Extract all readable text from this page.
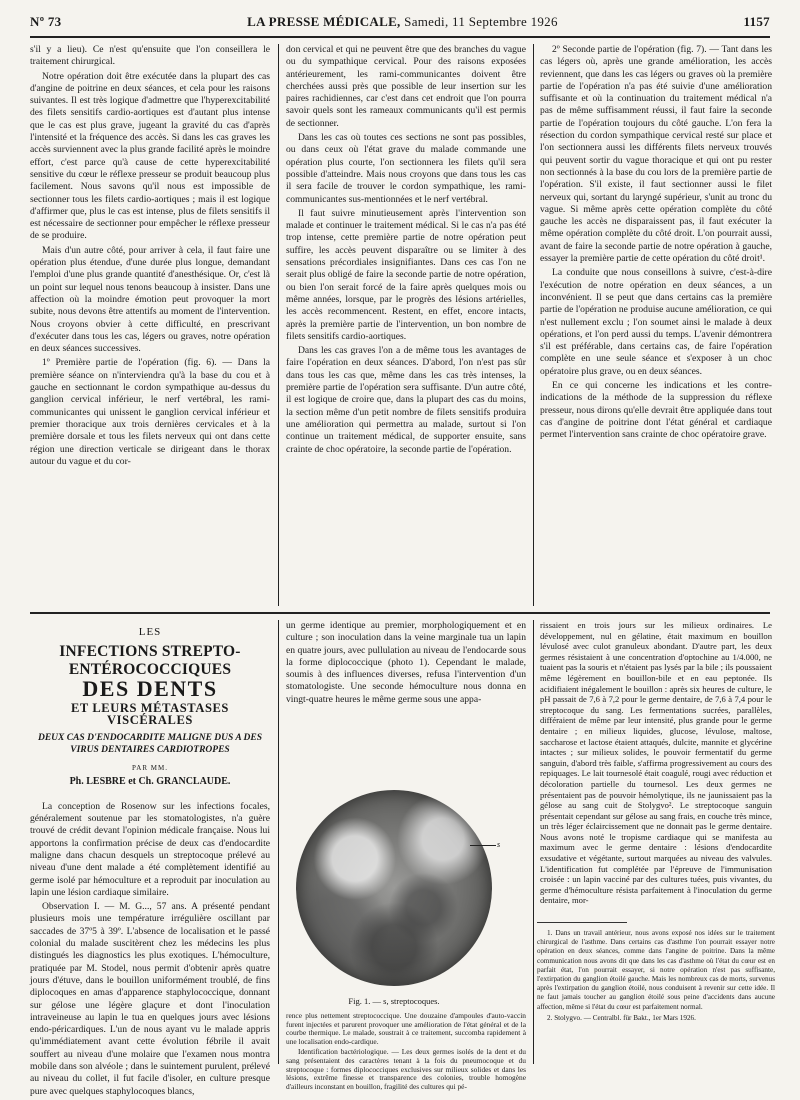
Nº 73	LA PRESSE MÉDICALE, Samedi, 11 Septembre 1926	1157

s'il y a lieu). Ce n'est qu'ensuite que l'on conseillera le traitement chirurgical.

Notre opération doit être exécutée dans la plupart des cas d'angine de poitrine en deux séances, et cela pour les raisons suivantes. Il est très logique d'admettre que l'hyperexcitabilité des filets sensitifs cardio-aortiques est d'autant plus intense que le cas est plus grave, jugeant la gravité du cas d'après l'intensité et la fréquence des accès. Si dans les cas graves les accès surviennent avec la plus grande facilité après le moindre effort, c'est parce qu'à cause de cette hyperexcitabilité sensitive du cœur le réflexe presseur se produit beaucoup plus facilement. Nous savons qu'il nous est impossible de sectionner tous les filets cardio-aortiques ; mais il est logique d'affirmer que, plus le cas est intense, plus de filets sensitifs il est nécessaire de sectionner pour empêcher le réflexe presseur de se produire.

Mais d'un autre côté, pour arriver à cela, il faut faire une opération plus étendue, d'une durée plus longue, demandant l'emploi d'une plus grande quantité d'anesthésique. Or, c'est là un point sur lequel nous tenons beaucoup à insister. Dans une affection où la moindre émotion peut provoquer la mort subite, nous devons être attentifs au moment de l'intervention. Nous croyons obvier à cette difficulté, en prescrivant d'exécuter dans tous les cas, légers ou graves, notre opération en deux séances successives.

1º Première partie de l'opération (fig. 6). — Dans la première séance on n'interviendra qu'à la base du cou et à gauche en sectionnant le cordon sympathique au-dessus du ganglion cervical inférieur, le nerf vertébral, les rami-communicantes qui unissent le ganglion cervical inférieur et premier thoracique aux trois dernières cervicales et à la première dorsale et tous les filets nerveux qui ont dans cette région une direction verticale se dirigeant dans le thorax autour du vague et du cor-

don cervical et qui ne peuvent être que des branches du vague ou du sympathique cervical. Pour des raisons exposées antérieurement, les rami-communicantes doivent être cherchées aussi près que possible de leur insertion sur les paires rachidiennes, car c'est dans cet endroit que l'on pourra savoir quels sont les rameaux communicants qu'il est permis de sectionner.

Dans les cas où toutes ces sections ne sont pas possibles, ou dans ceux où l'état grave du malade commande une opération plus courte, l'on sectionnera les filets qu'il sera possible d'atteindre. Mais nous croyons que dans tous les cas il sera facile de trouver le cordon sympathique, les rami-communicantes sus-mentionnées et le nerf vertébral.

Il faut suivre minutieusement après l'intervention son malade et continuer le traitement médical. Si le cas n'a pas été trop intense, cette première partie de notre opération peut suffire, les accès peuvent disparaître ou se limiter à des sensations précordiales insignifiantes. Dans ces cas l'on ne serait plus obligé de faire la seconde partie de notre opération, ou bien l'on serait forcé de la faire après quelques mois ou même années, lorsque, par le progrès des lésions artérielles, les accès recommencent. Restent, en effet, encore intacts, après la première partie de l'intervention, un bon nombre de filets sensitifs cardio-aortiques.

Dans les cas graves l'on a de même tous les avantages de faire l'opération en deux séances. D'abord, l'on n'est pas sûr dans tous les cas que, même dans les cas très intenses, la première partie de l'opération sera suffisante. D'un autre côté, il est logique de croire que, dans la plupart des cas du moins, la section même d'un petit nombre de filets sensitifs produira une amélioration qui permettra au malade, surtout si l'on continue un traitement médical, de supporter ensuite, sans crainte de choc opératoire, la seconde partie de l'opération.

2º Seconde partie de l'opération (fig. 7). — Tant dans les cas légers où, après une grande amélioration, les accès reviennent, que dans les cas légers ou graves où la première partie de l'opération n'a pas été suivie d'une amélioration suffisante et où la continuation du traitement médical n'a pas de même suffisamment réussi, il faut faire la seconde partie de l'opération toujours du côté gauche. L'on fera la résection du cordon sympathique cervical resté sur place et l'on sectionnera aussi les différents filets nerveux trouvés qui peuvent sortir du vague thoracique et qui ont pu rester non sectionnés à la base du cou lors de la première partie de l'opération. S'il existe, il faut sectionner aussi le filet nerveux qui, sortant du laryngé supérieur, s'unit au tronc du vague. Si même après cette opération complète du côté gauche les accès ne disparaissent pas, il faut exécuter la même opération complète du côté droit. L'on pourrait aussi, avant de faire la seconde partie de notre opération à gauche, essayer la première partie de cette opération du côté droit¹.

La conduite que nous conseillons à suivre, c'est-à-dire l'exécution de notre opération en deux séances, a un inconvénient. Il se peut que dans certains cas la première partie de l'opération ne produise aucune amélioration, ce qui n'est nullement exclu ; l'on soumet ainsi le malade à deux opérations, et l'on perd aussi du temps. L'avenir démontrera s'il est préférable, dans certains cas, de faire l'opération complète en une seule séance et s'exposer à un choc opératoire plus grave, ou en deux séances.

En ce qui concerne les indications et les contre-indications de la méthode de la suppression du réflexe presseur, nous dirons qu'elle devrait être appliquée dans tout cas d'angine de poitrine dont l'état général et cardiaque permet l'intervention sans crainte de choc opératoire grave.

LES
INFECTIONS STREPTO-ENTÉROCOCCIQUES
DES DENTS
ET LEURS MÉTASTASES VISCÉRALES
DEUX CAS D'ENDOCARDITE MALIGNE DUS A DES VIRUS DENTAIRES CARDIOTROPES
PAR MM.
Ph. LESBRE et Ch. GRANCLAUDE.

La conception de Rosenow sur les infections focales, généralement soutenue par les stomatologistes, n'a guère trouvé de crédit devant l'opinion médicale française. Nous lui apportons la confirmation précise de deux cas d'endocardite maligne dans chacun desquels un streptocoque prélevé au niveau d'une dent malade a été complètement identifié au germe isolé par hémoculture et a reproduit par inoculation au lapin une lésion cardiaque similaire.

Observation I. — M. G..., 57 ans. A présenté pendant plusieurs mois une température irrégulière oscillant par saccades de 37º5 à 39º. L'absence de localisation et le passé colonial du malade suscitèrent chez les médecins les plus distingués les diagnostics les plus exotiques. L'hémoculture, pratiquée par M. Stodel, nous permit d'obtenir après quatre jours d'étuve, dans le bouillon uniformément troublé, de fins diplocoques en amas d'apparence staphylococcique, donnant sur gélose une légère glaçure et dont l'inoculation intraveineuse au lapin le tua en quelques jours avec lésions endo-péricardiques. L'un de nous ayant vu le malade appris qu'immédiatement avant cette évolution fébrile il avait souffert au niveau d'une molaire que l'examen nous montra mobile dans son alvéole ; dans le suintement purulent, prélevé au niveau du collet, il fut facile d'isoler, en culture presque pure avec quelques staphylocoques blancs,

un germe identique au premier, morphologiquement et en culture ; son inoculation dans la veine marginale tua un lapin en quatre jours, avec pullulation au niveau de l'endocarde sous la forme diplococcique (photo 1). Cependant le malade, soumis à des influences diverses, refusa l'intervention d'un stomatologiste. Une seconde hémoculture nous donna en vingt-quatre heures le même germe sous une appa-

s
Fig. 1. — s, streptocoques.

rence plus nettement streptococcique. Une douzaine d'ampoules d'auto-vaccin furent injectées et parurent provoquer une amélioration de l'état général et de la courbe thermique. Le malade, soustrait à ce traitement, succomba rapidement à une localisation endo-cardique.

Identification bactériologique. — Les deux germes isolés de la dent et du sang présentaient des caractères tenant à la fois du pneumocoque et du streptocoque : formes diplococciques exclusives sur milieux solides et dans les lésions, extrême finesse et transparence des colonies, trouble homogène d'ailleurs inconstant en bouillon, fragilité des cultures qui pé-

rissaient en trois jours sur les milieux ordinaires. Le développement, nul en gélatine, était maximum en bouillon lévulosé avec culot granuleux abondant. D'autre part, les deux germes résistaient à une concentration d'optochine au 1/4.000, ne tuaient pas la souris et n'étaient pas lysés par la bile ; ils poussaient même légèrement en bouillon-bile et en eau peptonée. Ils acidifiaient inégalement le bouillon : après six heures de culture, le pH passait de 7,6 à 7,2 pour le germe dentaire, de 7,6 à 7,4 pour le streptocoque du sang. Les fermentations sucrées, parallèles, différaient de même par leur intensité, plus grande pour le germe dentaire ; en milieux liquides, glucose, lévulose, maltose, saccharose et lactose étaient attaqués, dulcite, mannite et glycérine intactes ; sur milieux solides, le pouvoir fermentatif du germe sanguin, d'abord très faible, s'affirma progressivement au cours des repiquages. Le lait tournesolé était coagulé, rougi avec réduction et décoloration partielle du tournesol. Les deux germes ne présentaient pas de pouvoir hémolytique, ils ne jaunissaient pas la gélose au sang cuit de Stolygvo². Le streptocoque sanguin présentait cependant sur gélose au sang frais, en couche très mince, un très léger éclaircissement que ne donnait pas le germe dentaire. Nous avons noté le tropisme cardiaque qui se manifesta au maximum avec le germe dentaire : lésions d'endocardite exsudative et végétante, surtout marquées au niveau des valvules. L'identification fut complétée par l'épreuve de l'immunisation croisée : un lapin vacciné par des cultures tuées, puis vivantes, du germe d'hémoculture résista parfaitement à l'inoculation du germe dentaire, mor-

1. Dans un travail antérieur, nous avons exposé nos idées sur le traitement chirurgical de l'asthme. Dans certains cas d'asthme l'on pourrait essayer notre opération en deux séances, comme dans l'angine de poitrine. Dans la même communication nous avons dit que dans les cas d'asthme où l'état du cœur est en parfait état, l'on pourrait essayer, si notre opération n'est pas suffisante, l'extirpation du ganglion étoilé gauche. Mais les nombreux cas de morts, survenus après l'extirpation du ganglion étoilé, nous conduisent à revenir sur cette idée. Il ne faut jamais toucher au ganglion étoilé sous peine d'accidents dans aucune affection, même si l'état du cœur est parfaitement normal.

2. Stolygvo. — Centralbl. für Bakt., 1er Mars 1926.
